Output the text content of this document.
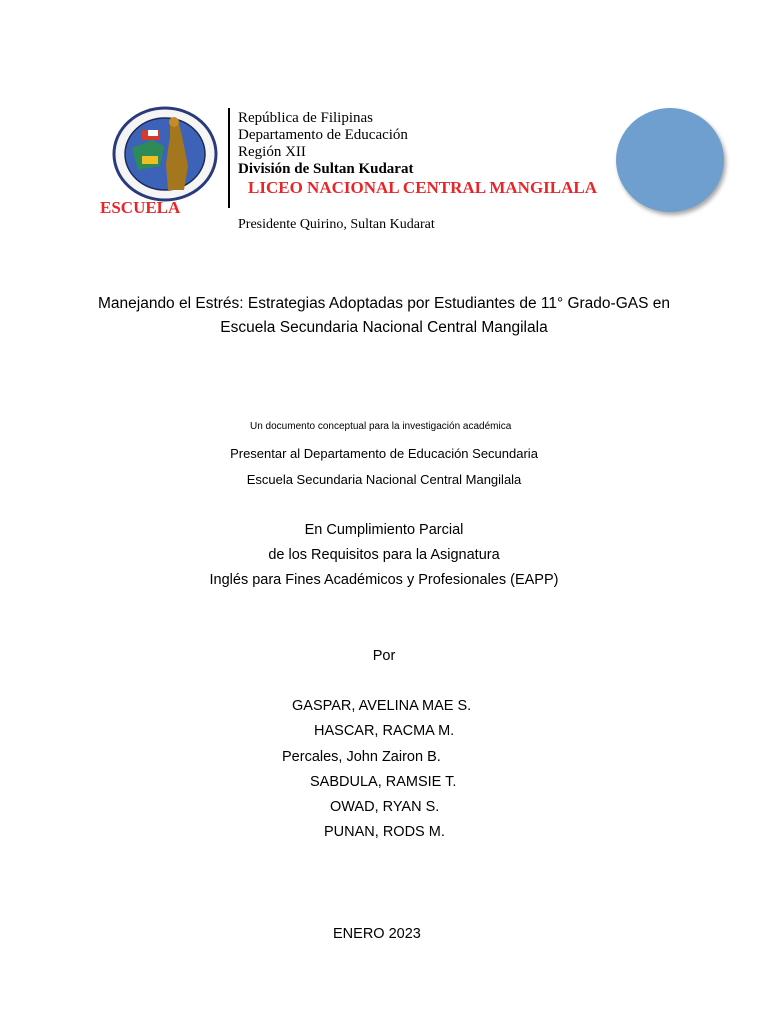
República de Filipinas
Departamento de Educación
Región XII
División de Sultan Kudarat
LICEO NACIONAL CENTRAL MANGILALA
ESCUELA
Presidente Quirino, Sultan Kudarat
Manejando el Estrés: Estrategias Adoptadas por Estudiantes de 11° Grado-GAS en
Escuela Secundaria Nacional Central Mangilala
Un documento conceptual para la investigación académica
Presentar al Departamento de Educación Secundaria
Escuela Secundaria Nacional Central Mangilala
En Cumplimiento Parcial
de los Requisitos para la Asignatura
Inglés para Fines Académicos y Profesionales (EAPP)
Por
GASPAR, AVELINA MAE S.
HASCAR, RACMA M.
Percales, John Zairon B.
SABDULA, RAMSIE T.
OWAD, RYAN S.
PUNAN, RODS M.
ENERO 2023
